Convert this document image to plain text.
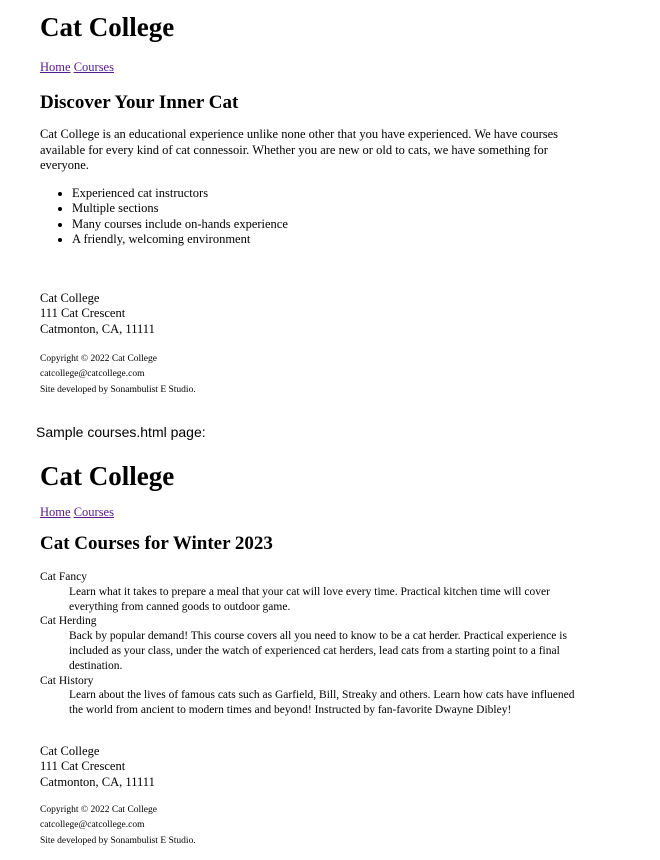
Cat College
Home Courses
Discover Your Inner Cat

Cat College is an educational experience unlike none other that you have experienced. We have courses available for every kind of cat connessoir. Whether you are new or old to cats, we have something for everyone.

• Experienced cat instructors
• Multiple sections
• Many courses include on-hands experience
• A friendly, welcoming environment
Cat College
111 Cat Crescent
Catmonton, CA, 11111
Copyright © 2022 Cat College
catcollege@catcollege.com
Site developed by Sonambulist E Studio.
Sample courses.html page:
Cat College
Home Courses
Cat Courses for Winter 2023
Cat Fancy
Learn what it takes to prepare a meal that your cat will love every time. Practical kitchen time will cover everything from canned goods to outdoor game.
Cat Herding
Back by popular demand! This course covers all you need to know to be a cat herder. Practical experience is included as your class, under the watch of experienced cat herders, lead cats from a starting point to a final destination.
Cat History
Learn about the lives of famous cats such as Garfield, Bill, Streaky and others. Learn how cats have influened the world from ancient to modern times and beyond! Instructed by fan-favorite Dwayne Dibley!
Cat College
111 Cat Crescent
Catmonton, CA, 11111
Copyright © 2022 Cat College
catcollege@catcollege.com
Site developed by Sonambulist E Studio.
